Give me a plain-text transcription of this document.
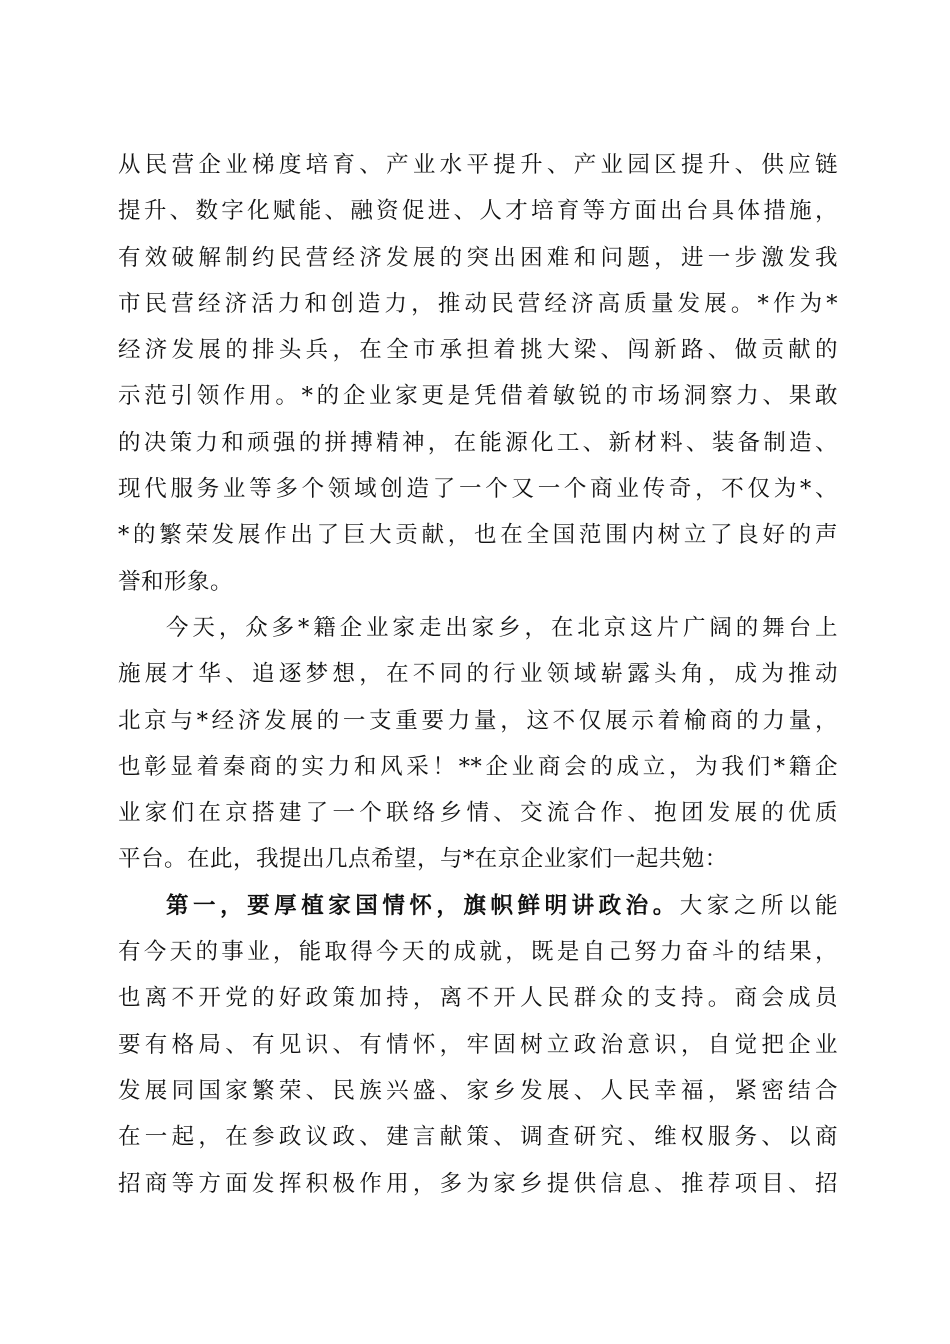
从民营企业梯度培育、产业水平提升、产业园区提升、供应链
提升、数字化赋能、融资促进、人才培育等方面出台具体措施，
有效破解制约民营经济发展的突出困难和问题，进一步激发我
市民营经济活力和创造力，推动民营经济高质量发展。*作为*
经济发展的排头兵，在全市承担着挑大梁、闯新路、做贡献的
示范引领作用。*的企业家更是凭借着敏锐的市场洞察力、果敢
的决策力和顽强的拼搏精神，在能源化工、新材料、装备制造、
现代服务业等多个领域创造了一个又一个商业传奇，不仅为*、
*的繁荣发展作出了巨大贡献，也在全国范围内树立了良好的声
誉和形象。
今天，众多*籍企业家走出家乡，在北京这片广阔的舞台上
施展才华、追逐梦想，在不同的行业领域崭露头角，成为推动
北京与*经济发展的一支重要力量，这不仅展示着榆商的力量，
也彰显着秦商的实力和风采！**企业商会的成立，为我们*籍企
业家们在京搭建了一个联络乡情、交流合作、抱团发展的优质
平台。在此，我提出几点希望，与*在京企业家们一起共勉：
第一，要厚植家国情怀，旗帜鲜明讲政治。大家之所以能
有今天的事业，能取得今天的成就，既是自己努力奋斗的结果，
也离不开党的好政策加持，离不开人民群众的支持。商会成员
要有格局、有见识、有情怀，牢固树立政治意识，自觉把企业
发展同国家繁荣、民族兴盛、家乡发展、人民幸福，紧密结合
在一起，在参政议政、建言献策、调查研究、维权服务、以商
招商等方面发挥积极作用，多为家乡提供信息、推荐项目、招
